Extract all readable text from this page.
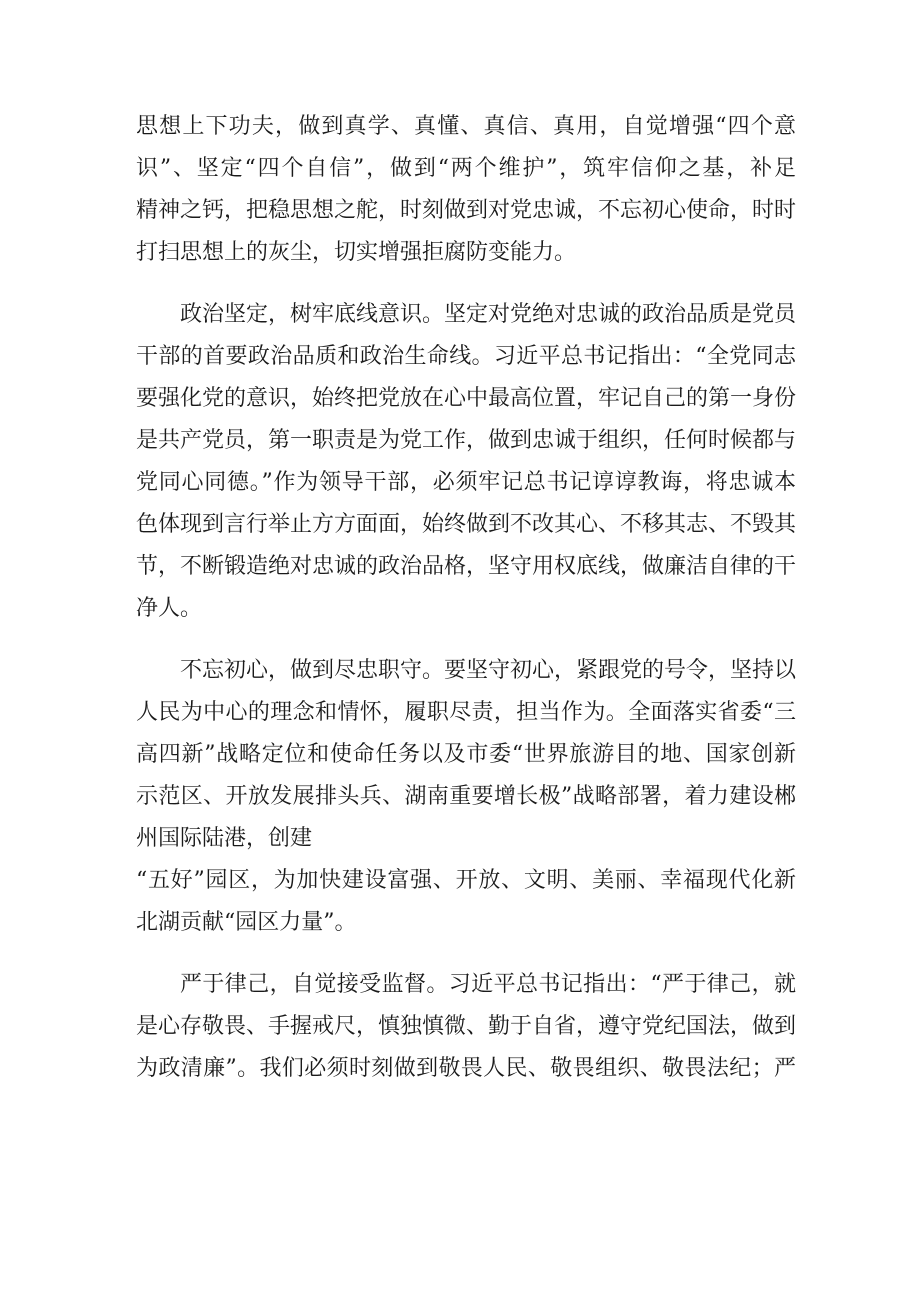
思想上下功夫，做到真学、真懂、真信、真用，自觉增强“四个意
识”、坚定“四个自信”，做到“两个维护”，筑牢信仰之基，补足
精神之钙，把稳思想之舵，时刻做到对党忠诚，不忘初心使命，时时
打扫思想上的灰尘，切实增强拒腐防变能力。
政治坚定，树牢底线意识。坚定对党绝对忠诚的政治品质是党员
干部的首要政治品质和政治生命线。习近平总书记指出：“全党同志
要强化党的意识，始终把党放在心中最高位置，牢记自己的第一身份
是共产党员，第一职责是为党工作，做到忠诚于组织，任何时候都与
党同心同德。”作为领导干部，必须牢记总书记谆谆教诲，将忠诚本
色体现到言行举止方方面面，始终做到不改其心、不移其志、不毁其
节，不断锻造绝对忠诚的政治品格，坚守用权底线，做廉洁自律的干
净人。
不忘初心，做到尽忠职守。要坚守初心，紧跟党的号令，坚持以
人民为中心的理念和情怀，履职尽责，担当作为。全面落实省委“三
高四新”战略定位和使命任务以及市委“世界旅游目的地、国家创新
示范区、开放发展排头兵、湖南重要增长极”战略部署，着力建设郴
州国际陆港，创建
“五好”园区，为加快建设富强、开放、文明、美丽、幸福现代化新
北湖贡献“园区力量”。
严于律己，自觉接受监督。习近平总书记指出：“严于律己，就
是心存敬畏、手握戒尺，慎独慎微、勤于自省，遵守党纪国法，做到
为政清廉”。我们必须时刻做到敬畏人民、敬畏组织、敬畏法纪；严
